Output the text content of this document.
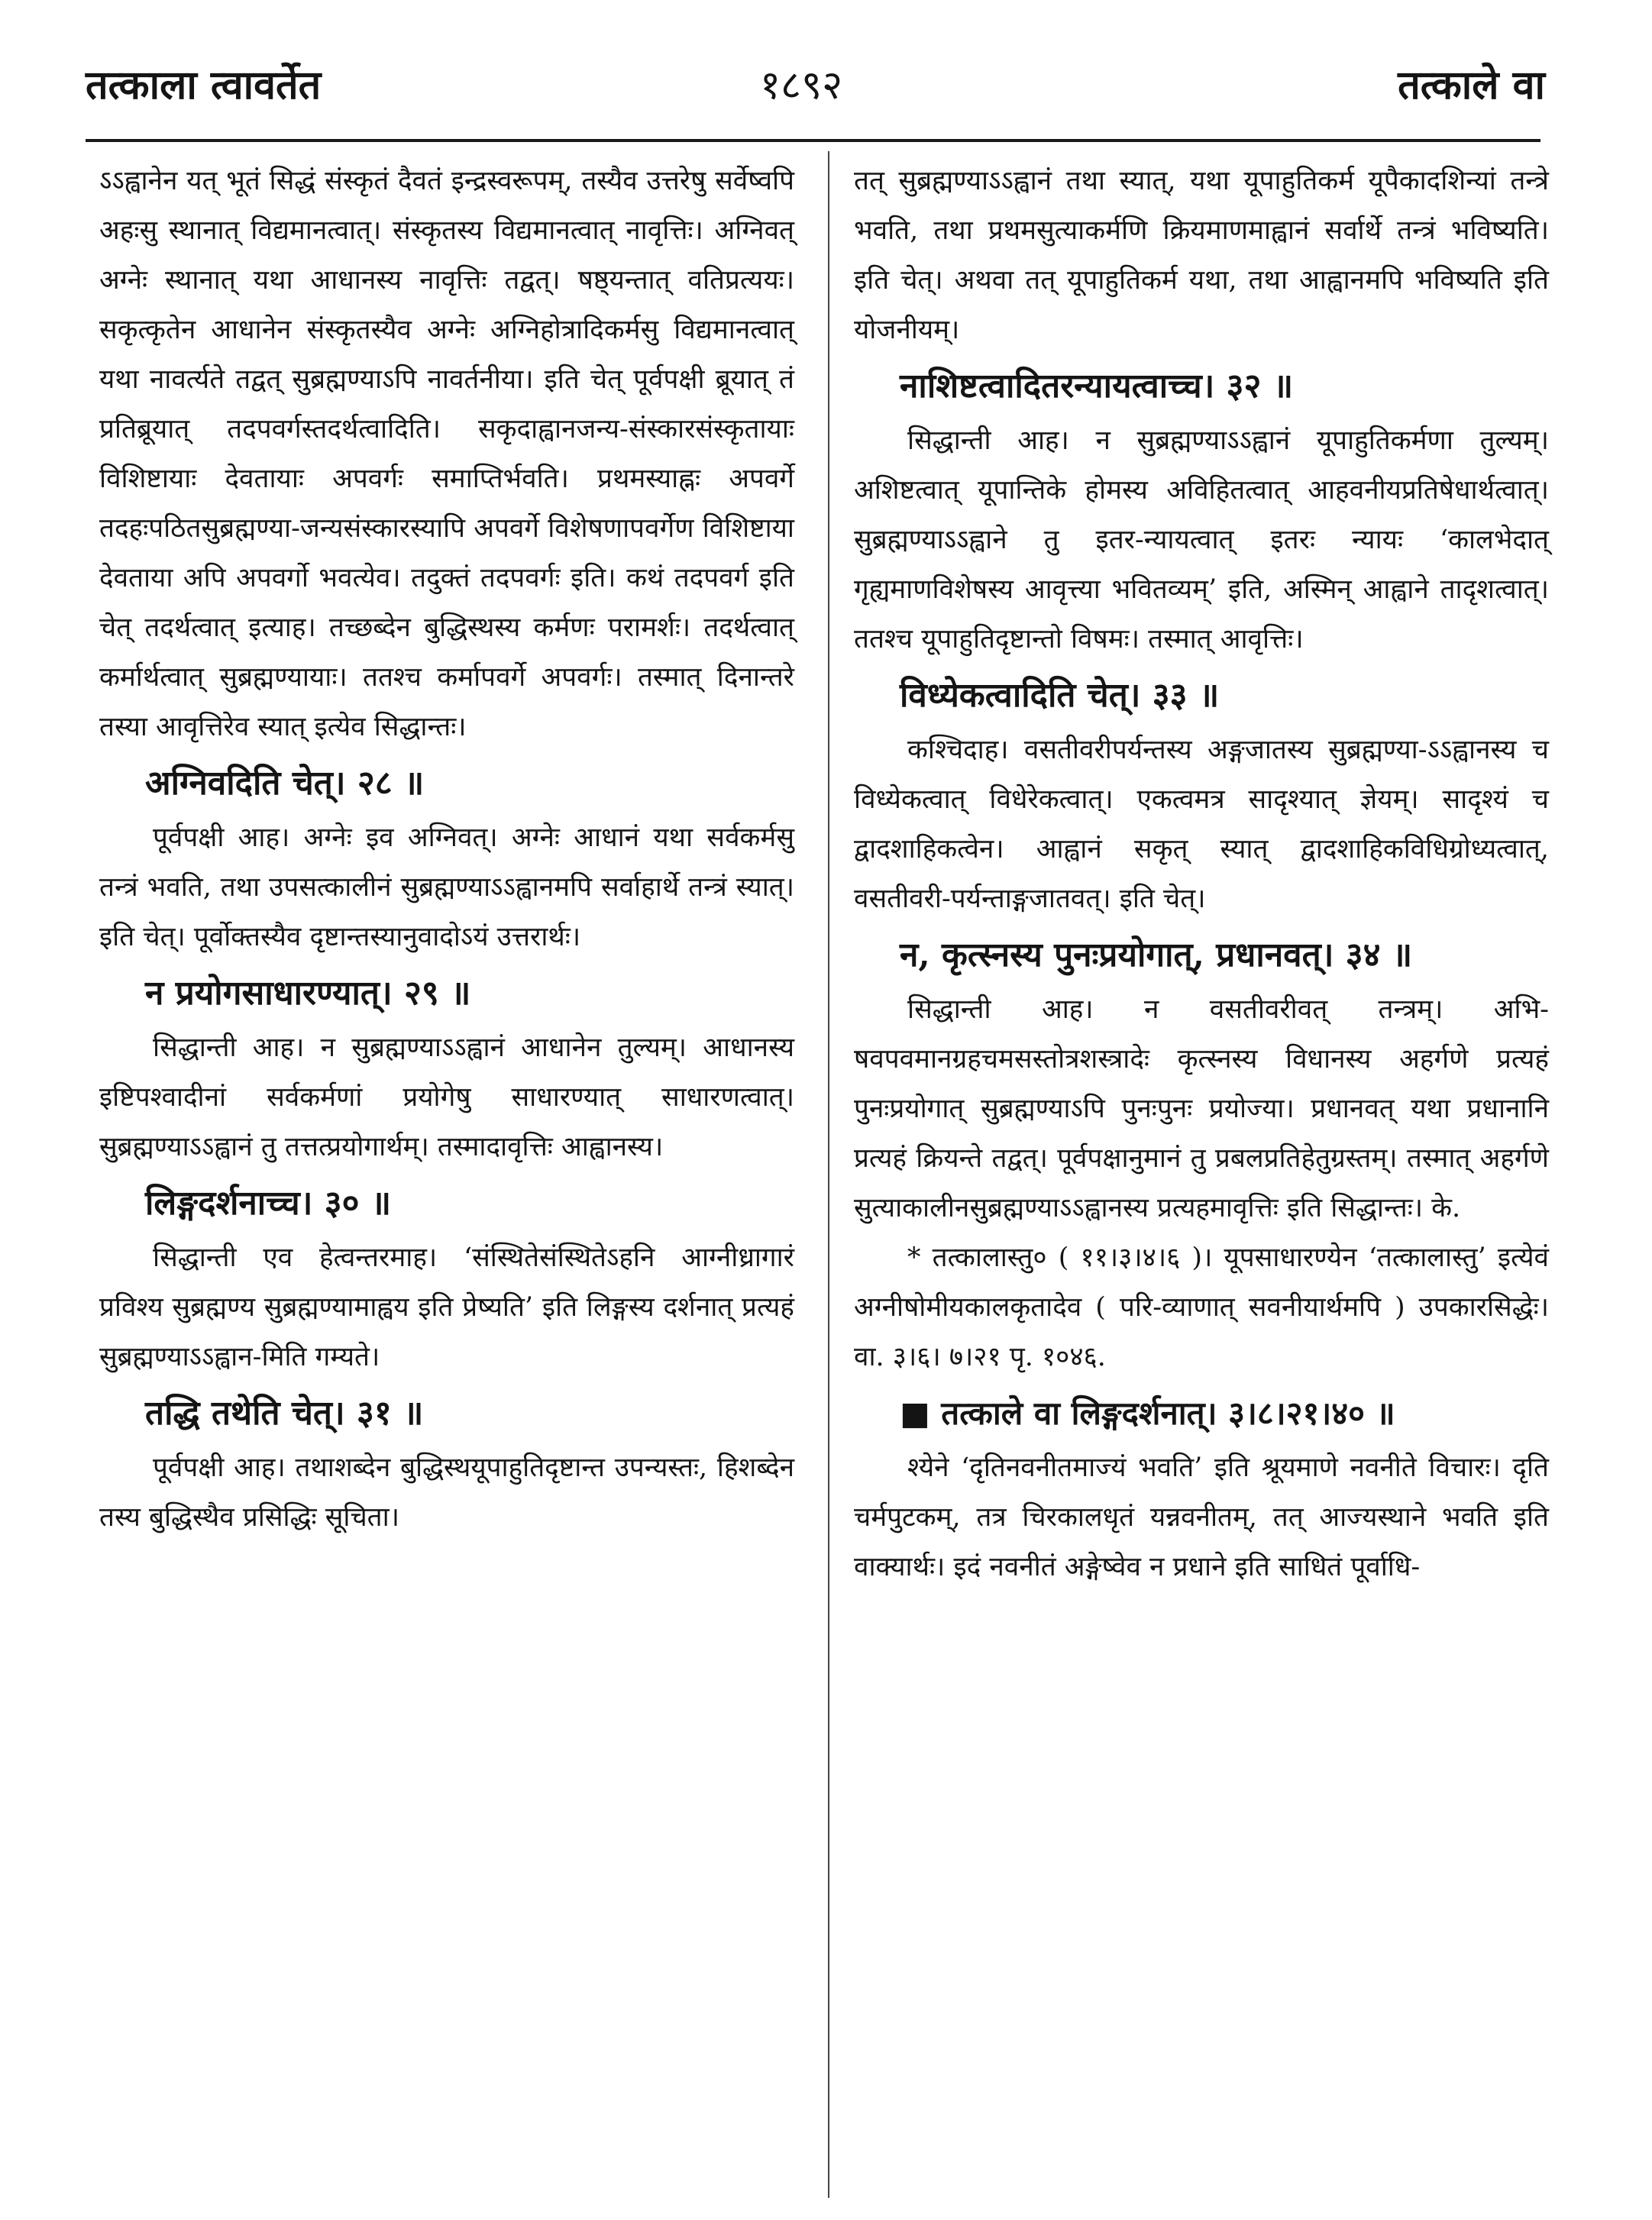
तत्काला त्वावर्तेत	१८९२	तत्काले वा

ऽऽह्वानेन यत् भूतं सिद्धं संस्कृतं दैवतं इन्द्रस्वरूपम्, तस्यैव उत्तरेषु सर्वेष्वपि अहःसु स्थानात् विद्यमानत्वात्। संस्कृतस्य विद्यमानत्वात् नावृत्तिः। अग्निवत् अग्नेः स्थानात् यथा आधानस्य नावृत्तिः तद्वत्। षष्ठ्यन्तात् वतिप्रत्ययः। सकृत्कृतेन आधानेन संस्कृतस्यैव अग्नेः अग्निहोत्रादिकर्मसु विद्यमानत्वात् यथा नावर्त्यते तद्वत् सुब्रह्मण्याऽपि नावर्तनीया। इति चेत् पूर्वपक्षी ब्रूयात् तं प्रतिब्रूयात् तदपवर्गस्तदर्थत्वादिति। सकृदाह्वानजन्य-संस्कारसंस्कृतायाः विशिष्टायाः देवतायाः अपवर्गः समाप्तिर्भवति। प्रथमस्याह्नः अपवर्गे तदहःपठितसुब्रह्मण्या-जन्यसंस्कारस्यापि अपवर्गे विशेषणापवर्गेण विशिष्टाया देवताया अपि अपवर्गो भवत्येव। तदुक्तं तदपवर्गः इति। कथं तदपवर्ग इति चेत् तदर्थत्वात् इत्याह। तच्छब्देन बुद्धिस्थस्य कर्मणः परामर्शः। तदर्थत्वात् कर्मार्थत्वात् सुब्रह्मण्यायाः। ततश्च कर्मापवर्गे अपवर्गः। तस्मात् दिनान्तरे तस्या आवृत्तिरेव स्यात् इत्येव सिद्धान्तः।

अग्निवदिति चेत्। २८ ॥

पूर्वपक्षी आह। अग्नेः इव अग्निवत्। अग्नेः आधानं यथा सर्वकर्मसु तन्त्रं भवति, तथा उपसत्कालीनं सुब्रह्मण्याऽऽह्वानमपि सर्वाहार्थे तन्त्रं स्यात्। इति चेत्। पूर्वोक्तस्यैव दृष्टान्तस्यानुवादोऽयं उत्तरार्थः।

न प्रयोगसाधारण्यात्। २९ ॥

सिद्धान्ती आह। न सुब्रह्मण्याऽऽह्वानं आधानेन तुल्यम्। आधानस्य इष्टिपश्वादीनां सर्वकर्मणां प्रयोगेषु साधारण्यात् साधारणत्वात्। सुब्रह्मण्याऽऽह्वानं तु तत्तत्प्रयोगार्थम्। तस्मादावृत्तिः आह्वानस्य।

लिङ्गदर्शनाच्च। ३० ॥

सिद्धान्ती एव हेत्वन्तरमाह। ‘संस्थितेसंस्थितेऽहनि आग्नीध्रागारं प्रविश्य सुब्रह्मण्य सुब्रह्मण्यामाह्वय इति प्रेष्यति’ इति लिङ्गस्य दर्शनात् प्रत्यहं सुब्रह्मण्याऽऽह्वान-मिति गम्यते।

तद्धि तथेति चेत्। ३१ ॥

पूर्वपक्षी आह। तथाशब्देन बुद्धिस्थयूपाहुतिदृष्टान्त उपन्यस्तः, हिशब्देन तस्य बुद्धिस्थैव प्रसिद्धिः सूचिता।

तत् सुब्रह्मण्याऽऽह्वानं तथा स्यात्, यथा यूपाहुतिकर्म यूपैकादशिन्यां तन्त्रे भवति, तथा प्रथमसुत्याकर्मणि क्रियमाणमाह्वानं सर्वार्थे तन्त्रं भविष्यति। इति चेत्। अथवा तत् यूपाहुतिकर्म यथा, तथा आह्वानमपि भविष्यति इति योजनीयम्।

नाशिष्टत्वादितरन्यायत्वाच्च। ३२ ॥

सिद्धान्ती आह। न सुब्रह्मण्याऽऽह्वानं यूपाहुतिकर्मणा तुल्यम्। अशिष्टत्वात् यूपान्तिके होमस्य अविहितत्वात् आहवनीयप्रतिषेधार्थत्वात्। सुब्रह्मण्याऽऽह्वाने तु इतर-न्यायत्वात् इतरः न्यायः ‘कालभेदात् गृह्यमाणविशेषस्य आवृत्त्या भवितव्यम्’ इति, अस्मिन् आह्वाने तादृशत्वात्। ततश्च यूपाहुतिदृष्टान्तो विषमः। तस्मात् आवृत्तिः।

विध्येकत्वादिति चेत्। ३३ ॥

कश्चिदाह। वसतीवरीपर्यन्तस्य अङ्गजातस्य सुब्रह्मण्या-ऽऽह्वानस्य च विध्येकत्वात् विधेरेकत्वात्। एकत्वमत्र सादृश्यात् ज्ञेयम्। सादृश्यं च द्वादशाहिकत्वेन। आह्वानं सकृत् स्यात् द्वादशाहिकविधिग्रोध्यत्वात्, वसतीवरी-पर्यन्ताङ्गजातवत्। इति चेत्।

न, कृत्स्नस्य पुनःप्रयोगात्, प्रधानवत्। ३४ ॥

सिद्धान्ती आह। न वसतीवरीवत् तन्त्रम्। अभि-षवपवमानग्रहचमसस्तोत्रशस्त्रादेः कृत्स्नस्य विधानस्य अहर्गणे प्रत्यहं पुनःप्रयोगात् सुब्रह्मण्याऽपि पुनःपुनः प्रयोज्या। प्रधानवत् यथा प्रधानानि प्रत्यहं क्रियन्ते तद्वत्। पूर्वपक्षानुमानं तु प्रबलप्रतिहेतुग्रस्तम्। तस्मात् अहर्गणे सुत्याकालीनसुब्रह्मण्याऽऽह्वानस्य प्रत्यहमावृत्तिः इति सिद्धान्तः। के.

* तत्कालास्तु० ( ११।३।४।६ )। यूपसाधारण्येन ‘तत्कालास्तु’ इत्येवं अग्नीषोमीयकालकृतादेव ( परि-व्याणात् सवनीयार्थमपि ) उपकारसिद्धेः। वा. ३।६। ७।२१ पृ. १०४६.

■ तत्काले वा लिङ्गदर्शनात्। ३।८।२१।४० ॥

श्येने ‘दृतिनवनीतमाज्यं भवति’ इति श्रूयमाणे नवनीते विचारः। दृति चर्मपुटकम्, तत्र चिरकालधृतं यन्नवनीतम्, तत् आज्यस्थाने भवति इति वाक्यार्थः। इदं नवनीतं अङ्गेष्वेव न प्रधाने इति साधितं पूर्वाधि-
